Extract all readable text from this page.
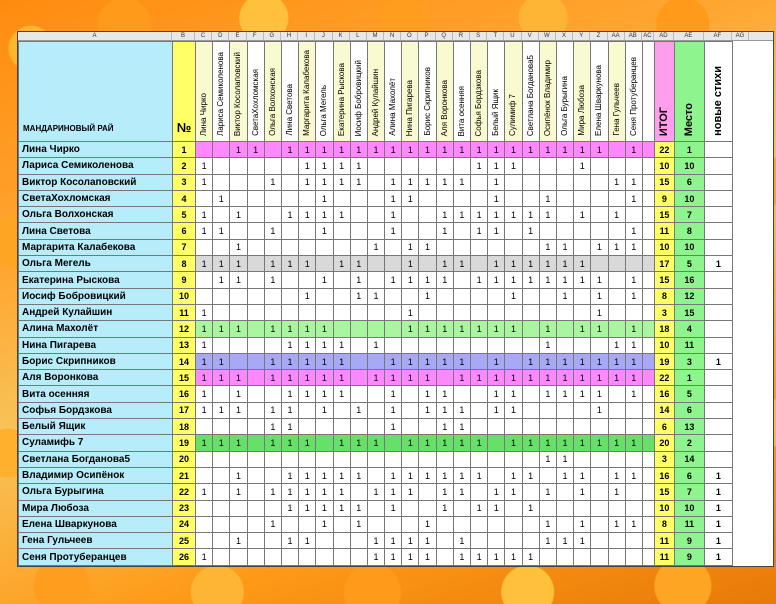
A	B	C	D	E	F	G	H	I	J	K	L	M	N	O	P	Q	R	S	T	U	V	W	X	Y	Z	AA	AB	AC	AD	AE	AF	AG
МАНДАРИНОВЫЙ РАЙ	№	Лина Чирко	Лариса Семиколенова	Виктор Косолаповский	СветаХохломская	Ольга Волхонская	Лина Светова	Маргарита Калабекова	Ольга Мегель	Екатерина Рыскова	Иосиф Бобровицкий	Андрей Кулайшин	Алина Махолёт	Нина Пигарева	Борис Скрипников	Аля Воронкова	Вита осенняя	Софья Бордзкова	Белый Ящик	Сулимиф 7	Светлана Богданова5	Осипёнок Владимир	Ольга Бурыгина	Мира Любоза	Елена Шваркунова	Гена Гульчеев	Сеня Протуберанцев		ИТОГ	Место	новые стихи
Лина Чирко	1			1	1		1	1	1	1	1	1	1	1	1	1	1	1	1	1	1	1	1	1	1		1		22	1	
Лариса Семиколенова	2	1						1	1	1	1							1	1	1				1					10	10	
Виктор Косолаповский	3	1				1		1	1	1	1		1	1	1	1	1		1							1	1		15	6	
СветаХохломская	4		1						1				1	1					1			1					1		9	10	
Ольга Волхонская	5	1		1			1	1	1	1			1			1	1	1	1	1	1	1		1		1			15	7	
Лина Светова	6	1	1			1			1				1			1		1	1		1						1		11	8	
Маргарита Калабекова	7			1								1		1	1							1	1		1	1	1		10	10	
Ольга Мегель	8	1	1	1		1	1	1		1	1			1		1	1		1	1	1	1	1	1					17	5	1
Екатерина Рыскова	9		1	1		1			1		1		1	1	1	1		1	1	1	1	1	1	1	1		1		15	16	
Иосиф Бобровицкий	10							1			1	1			1					1			1		1		1		8	12	
Андрей Кулайшин	11	1												1											1				3	15	
Алина Махолёт	12	1	1	1		1	1	1	1					1	1	1	1	1	1	1		1		1	1		1		18	4	
Нина Пигарева	13	1					1	1	1	1		1										1				1	1		10	11	
Борис Скрипников	14	1	1			1	1	1	1	1			1	1	1	1	1		1		1	1	1	1	1	1	1		19	3	1
Аля Воронкова	15	1	1	1		1	1	1	1	1		1	1	1	1		1	1	1	1	1	1	1	1	1	1	1		22	1	
Вита осенняя	16	1		1			1	1	1	1			1		1	1			1	1		1	1	1	1		1		16	5	
Софья Бордзкова	17	1	1	1		1	1		1		1		1		1	1	1		1	1					1				14	6	
Белый Ящик	18					1	1						1			1	1												6	13	
Суламифь 7	19	1	1	1		1	1	1		1	1	1		1	1	1	1	1		1	1	1	1	1	1	1	1		20	2	
Светлана Богданова5	20																					1	1						3	14	
Владимир Осипёнок	21			1			1	1	1	1	1		1	1	1	1	1	1		1	1		1	1		1	1		16	6	1
Ольга Бурыгина	22	1		1		1	1	1	1	1		1	1	1		1	1		1	1		1		1		1			15	7	1
Мира Любоза	23						1	1	1	1	1		1			1		1	1		1								10	10	1
Елена Шваркунова	24					1			1		1				1							1		1		1	1		8	11	1
Гена Гульчеев	25			1			1	1				1	1	1	1		1					1	1	1					11	9	1
Сеня Протуберанцев	26	1										1	1	1	1		1	1	1	1	1								11	9	1
